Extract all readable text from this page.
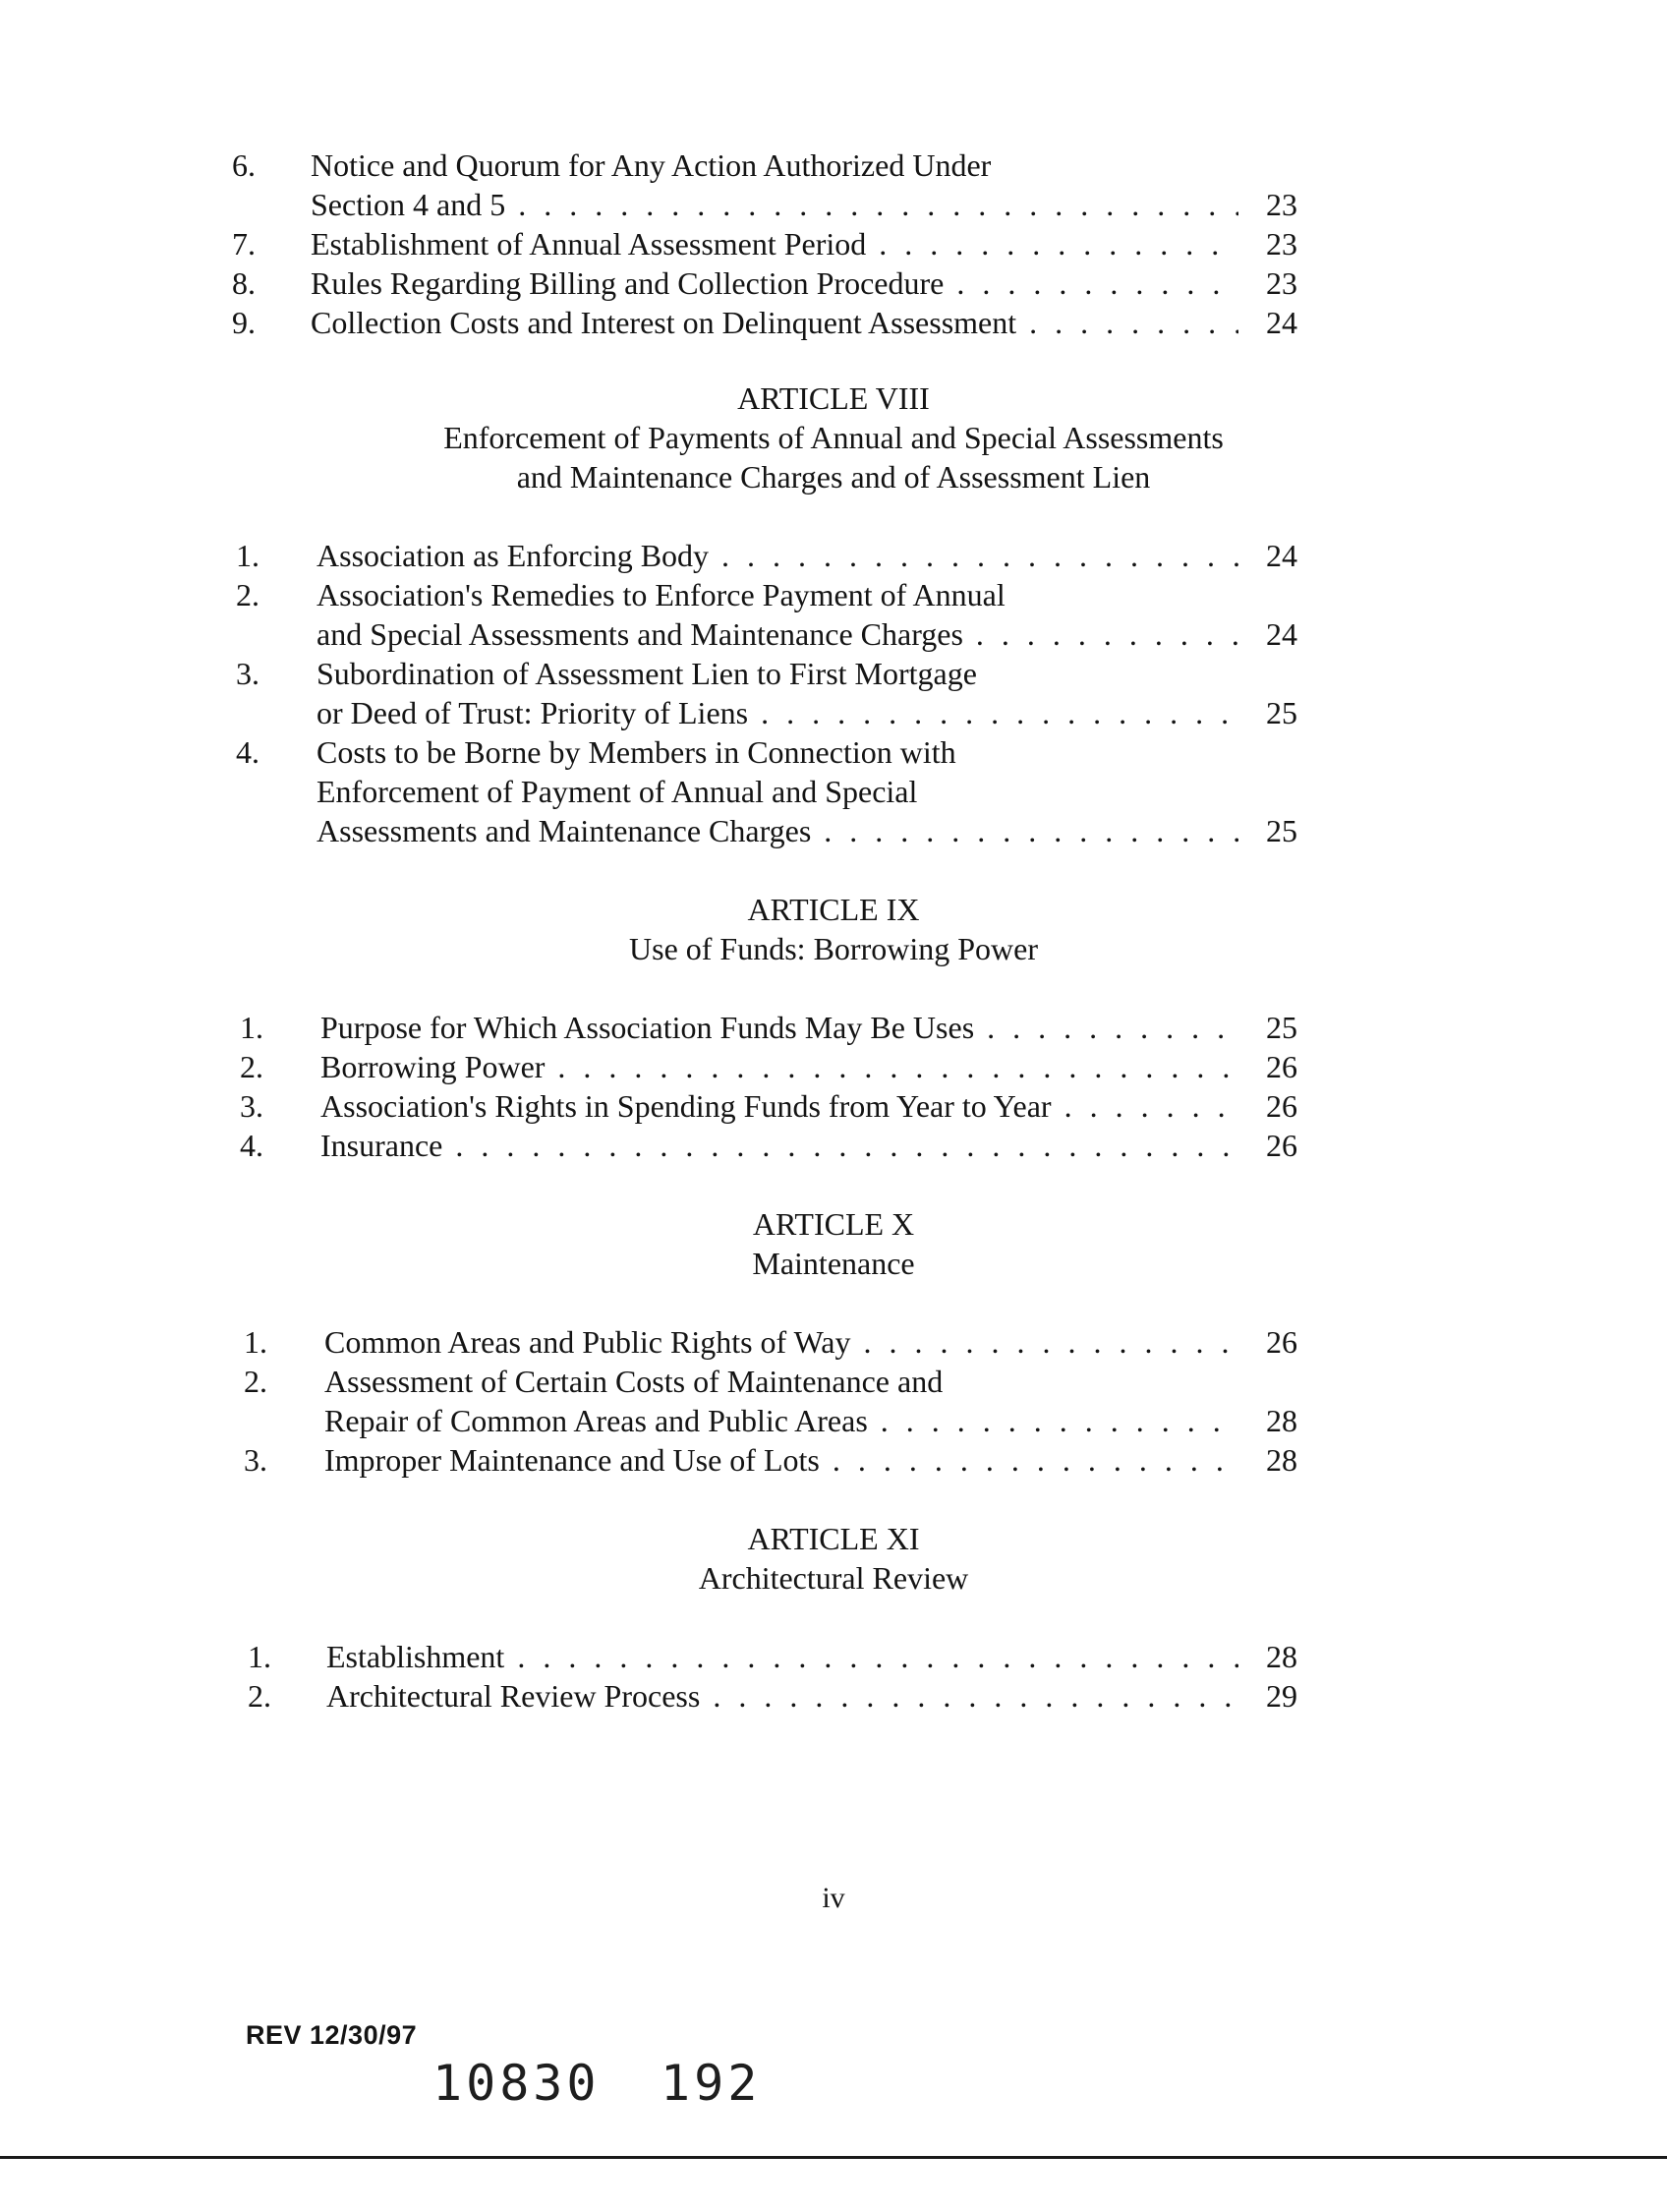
6. Notice and Quorum for Any Action Authorized Under
Section 4 and 5 . . .	23
7. Establishment of Annual Assessment Period . . .	23
8. Rules Regarding Billing and Collection Procedure . . .	23
9. Collection Costs and Interest on Delinquent Assessment . . .	24
ARTICLE VIII
Enforcement of Payments of Annual and Special Assessments
and Maintenance Charges and of Assessment Lien
1. Association as Enforcing Body . . .	24
2. Association's Remedies to Enforce Payment of Annual
and Special Assessments and Maintenance Charges . . .	24
3. Subordination of Assessment Lien to First Mortgage
or Deed of Trust: Priority of Liens . . .	25
4. Costs to be Borne by Members in Connection with
Enforcement of Payment of Annual and Special
Assessments and Maintenance Charges . . .	25
ARTICLE IX
Use of Funds: Borrowing Power
1. Purpose for Which Association Funds May Be Uses . . .	25
2. Borrowing Power . . .	26
3. Association's Rights in Spending Funds from Year to Year . . .	26
4. Insurance . . .	26
ARTICLE X
Maintenance
1. Common Areas and Public Rights of Way . . .	26
2. Assessment of Certain Costs of Maintenance and
Repair of Common Areas and Public Areas . . .	28
3. Improper Maintenance and Use of Lots . . .	28
ARTICLE XI
Architectural Review
1. Establishment . . .	28
2. Architectural Review Process . . .	29
iv
REV 12/30/97
10830 192
